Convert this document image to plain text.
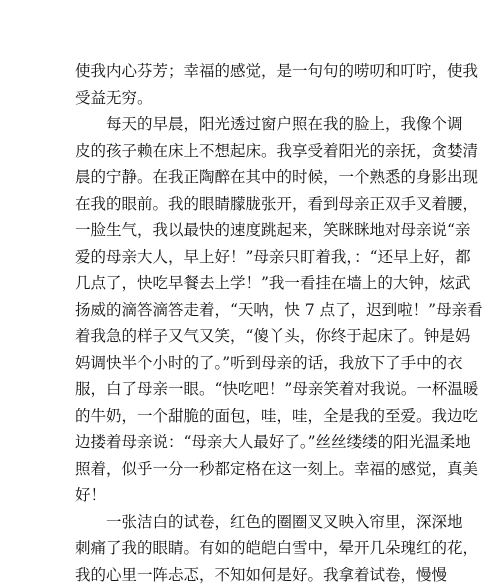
使我内心芬芳；幸福的感觉，是一句句的唠叨和叮咛，使我
受益无穷。
每天的早晨，阳光透过窗户照在我的脸上，我像个调
皮的孩子赖在床上不想起床。我享受着阳光的亲抚，贪婪清
晨的宁静。在我正陶醉在其中的时候，一个熟悉的身影出现
在我的眼前。我的眼睛朦胧张开，看到母亲正双手叉着腰，
一脸生气，我以最快的速度跳起来，笑眯眯地对母亲说“亲
爱的母亲大人，早上好！”母亲只盯着我，：“还早上好，都
几点了，快吃早餐去上学！”我一看挂在墙上的大钟，炫武
扬威的滴答滴答走着，“天呐，快 7 点了，迟到啦！”母亲看
着我急的样子又气又笑，“傻丫头，你终于起床了。钟是妈
妈调快半个小时的了。”听到母亲的话，我放下了手中的衣
服，白了母亲一眼。“快吃吧！”母亲笑着对我说。一杯温暖
的牛奶，一个甜脆的面包，哇，哇，全是我的至爱。我边吃
边搂着母亲说：“母亲大人最好了。”丝丝缕缕的阳光温柔地
照着，似乎一分一秒都定格在这一刻上。幸福的感觉，真美
好！
一张洁白的试卷，红色的圈圈叉叉映入帘里，深深地
刺痛了我的眼睛。有如的皑皑白雪中，晕开几朵瑰红的花，
我的心里一阵忐忑，不知如何是好。我拿着试卷，慢慢
